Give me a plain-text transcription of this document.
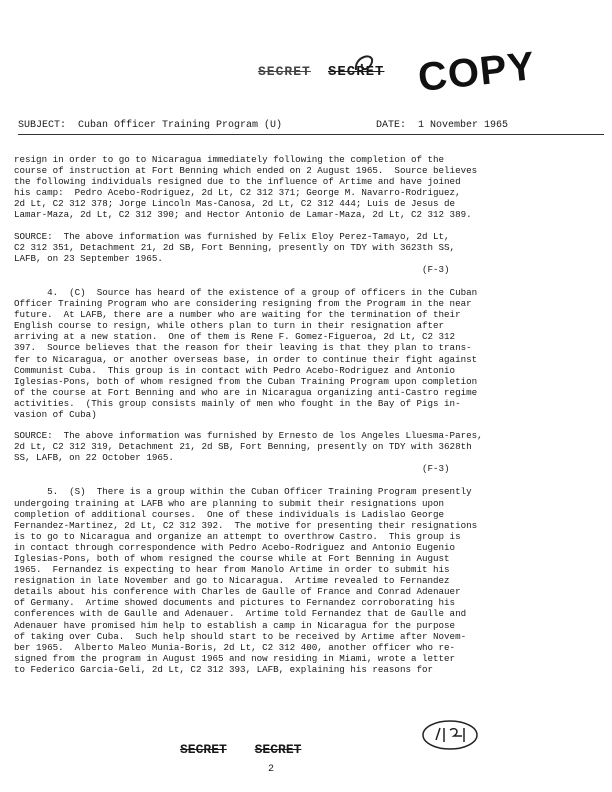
SECRET SECRET COPY
SUBJECT: Cuban Officer Training Program (U)	DATE: 1 November 1965
resign in order to go to Nicaragua immediately following the completion of the
course of instruction at Fort Benning which ended on 2 August 1965.  Source believes
the following individuals resigned due to the influence of Artime and have joined
his camp:  Pedro Acebo-Rodriguez, 2d Lt, C2 312 371; George M. Navarro-Rodriguez,
2d Lt, C2 312 378; Jorge Lincoln Mas-Canosa, 2d Lt, C2 312 444; Luis de Jesus de
Lamar-Maza, 2d Lt, C2 312 390; and Hector Antonio de Lamar-Maza, 2d Lt, C2 312 389.
SOURCE:  The above information was furnished by Felix Eloy Perez-Tamayo, 2d Lt,
C2 312 351, Detachment 21, 2d SB, Fort Benning, presently on TDY with 3623th SS,
LAFB, on 23 September 1965.
(F-3)
4.  (C)  Source has heard of the existence of a group of officers in the Cuban
Officer Training Program who are considering resigning from the Program in the near
future.  At LAFB, there are a number who are waiting for the termination of their
English course to resign, while others plan to turn in their resignation after
arriving at a new station.  One of them is Rene F. Gomez-Figueroa, 2d Lt, C2 312
397.  Source believes that the reason for their leaving is that they plan to trans-
fer to Nicaragua, or another overseas base, in order to continue their fight against
Communist Cuba.  This group is in contact with Pedro Acebo-Rodriguez and Antonio
Iglesias-Pons, both of whom resigned from the Cuban Training Program upon completion
of the course at Fort Benning and who are in Nicaragua organizing anti-Castro regime
activities.  (This group consists mainly of men who fought in the Bay of Pigs in-
vasion of Cuba)
SOURCE:  The above information was furnished by Ernesto de los Angeles Lluesma-Pares,
2d Lt, C2 312 319, Detachment 21, 2d SB, Fort Benning, presently on TDY with 3628th
SS, LAFB, on 22 October 1965.
(F-3)
5.  (S)  There is a group within the Cuban Officer Training Program presently
undergoing training at LAFB who are planning to submit their resignations upon
completion of additional courses.  One of these individuals is Ladislao George
Fernandez-Martinez, 2d Lt, C2 312 392.  The motive for presenting their resignations
is to go to Nicaragua and organize an attempt to overthrow Castro.  This group is
in contact through correspondence with Pedro Acebo-Rodriguez and Antonio Eugenio
Iglesias-Pons, both of whom resigned the course while at Fort Benning in August
1965.  Fernandez is expecting to hear from Manolo Artime in order to submit his
resignation in late November and go to Nicaragua.  Artime revealed to Fernandez
details about his conference with Charles de Gaulle of France and Conrad Adenauer
of Germany.  Artime showed documents and pictures to Fernandez corroborating his
conferences with de Gaulle and Adenauer.  Artime told Fernandez that de Gaulle and
Adenauer have promised him help to establish a camp in Nicaragua for the purpose
of taking over Cuba.  Such help should start to be received by Artime after Novem-
ber 1965.  Alberto Maleo Munia-Boris, 2d Lt, C2 312 400, another officer who re-
signed from the program in August 1965 and now residing in Miami, wrote a letter
to Federico Garcia-Geli, 2d Lt, C2 312 393, LAFB, explaining his reasons for
SECRET SECRET
2
